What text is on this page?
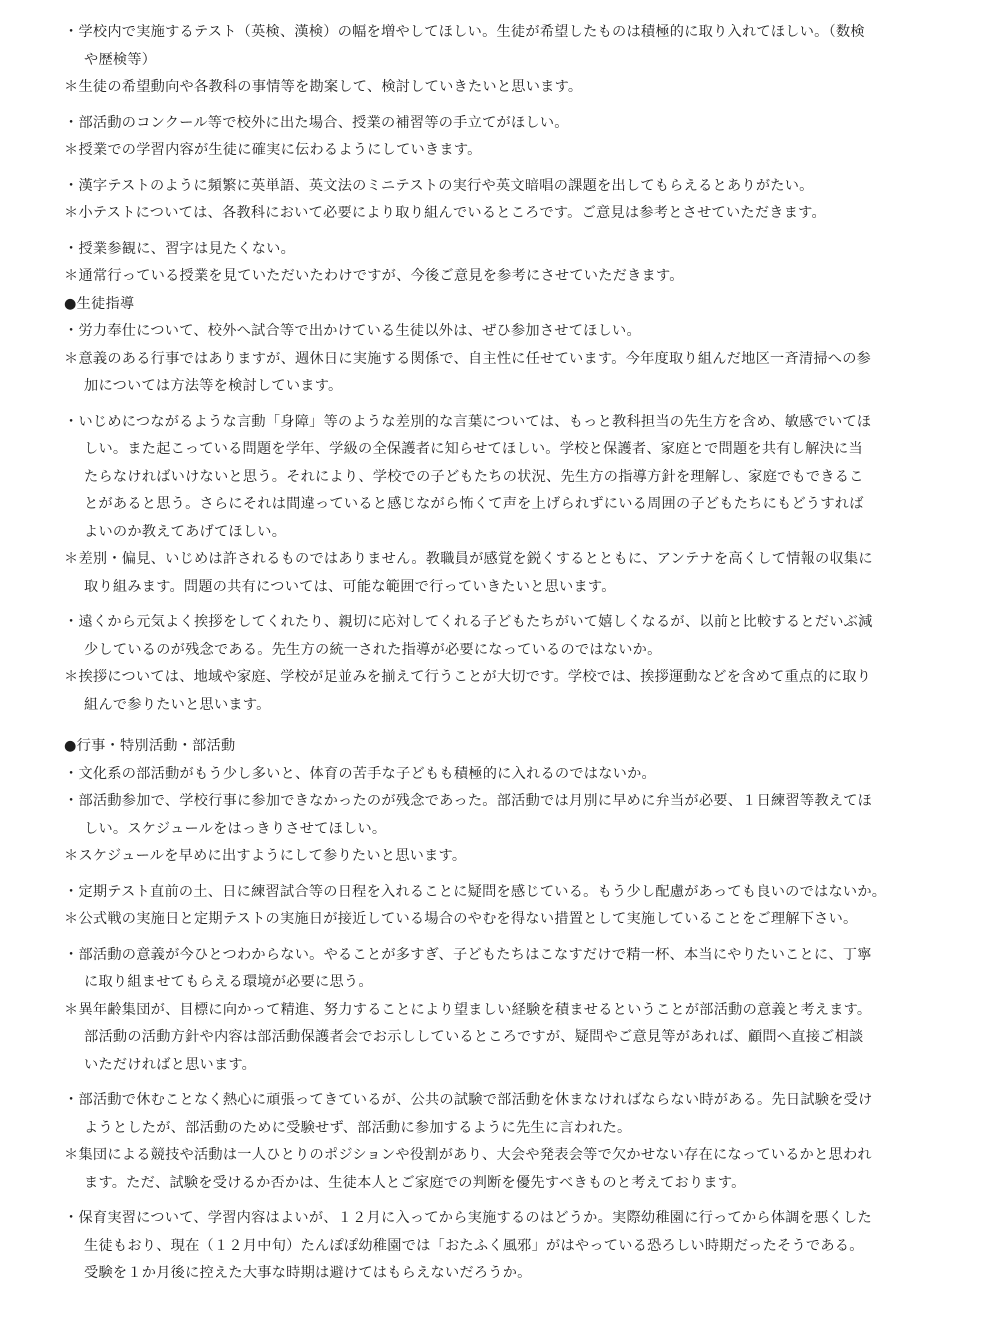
・学校内で実施するテスト（英検、漢検）の幅を増やしてほしい。生徒が希望したものは積極的に取り入れてほしい。（数検
や歴検等）
＊生徒の希望動向や各教科の事情等を勘案して、検討していきたいと思います。
・部活動のコンクール等で校外に出た場合、授業の補習等の手立てがほしい。
＊授業での学習内容が生徒に確実に伝わるようにしていきます。
・漢字テストのように頻繁に英単語、英文法のミニテストの実行や英文暗唱の課題を出してもらえるとありがたい。
＊小テストについては、各教科において必要により取り組んでいるところです。ご意見は参考とさせていただきます。
・授業参観に、習字は見たくない。
＊通常行っている授業を見ていただいたわけですが、今後ご意見を参考にさせていただきます。
●生徒指導
・労力奉仕について、校外へ試合等で出かけている生徒以外は、ぜひ参加させてほしい。
＊意義のある行事ではありますが、週休日に実施する関係で、自主性に任せています。今年度取り組んだ地区一斉清掃への参
加については方法等を検討しています。
・いじめにつながるような言動「身障」等のような差別的な言葉については、もっと教科担当の先生方を含め、敏感でいてほ
しい。また起こっている問題を学年、学級の全保護者に知らせてほしい。学校と保護者、家庭とで問題を共有し解決に当
たらなければいけないと思う。それにより、学校での子どもたちの状況、先生方の指導方針を理解し、家庭でもできるこ
とがあると思う。さらにそれは間違っていると感じながら怖くて声を上げられずにいる周囲の子どもたちにもどうすれば
よいのか教えてあげてほしい。
＊差別・偏見、いじめは許されるものではありません。教職員が感覚を鋭くするとともに、アンテナを高くして情報の収集に
取り組みます。問題の共有については、可能な範囲で行っていきたいと思います。
・遠くから元気よく挨拶をしてくれたり、親切に応対してくれる子どもたちがいて嬉しくなるが、以前と比較するとだいぶ減
少しているのが残念である。先生方の統一された指導が必要になっているのではないか。
＊挨拶については、地域や家庭、学校が足並みを揃えて行うことが大切です。学校では、挨拶運動などを含めて重点的に取り
組んで参りたいと思います。
●行事・特別活動・部活動
・文化系の部活動がもう少し多いと、体育の苦手な子どもも積極的に入れるのではないか。
・部活動参加で、学校行事に参加できなかったのが残念であった。部活動では月別に早めに弁当が必要、１日練習等教えてほ
しい。スケジュールをはっきりさせてほしい。
＊スケジュールを早めに出すようにして参りたいと思います。
・定期テスト直前の土、日に練習試合等の日程を入れることに疑問を感じている。もう少し配慮があっても良いのではないか。
＊公式戦の実施日と定期テストの実施日が接近している場合のやむを得ない措置として実施していることをご理解下さい。
・部活動の意義が今ひとつわからない。やることが多すぎ、子どもたちはこなすだけで精一杯、本当にやりたいことに、丁寧
に取り組ませてもらえる環境が必要に思う。
＊異年齢集団が、目標に向かって精進、努力することにより望ましい経験を積ませるということが部活動の意義と考えます。
部活動の活動方針や内容は部活動保護者会でお示ししているところですが、疑問やご意見等があれば、顧問へ直接ご相談
いただければと思います。
・部活動で休むことなく熱心に頑張ってきているが、公共の試験で部活動を休まなければならない時がある。先日試験を受け
ようとしたが、部活動のために受験せず、部活動に参加するように先生に言われた。
＊集団による競技や活動は一人ひとりのポジションや役割があり、大会や発表会等で欠かせない存在になっているかと思われ
ます。ただ、試験を受けるか否かは、生徒本人とご家庭での判断を優先すべきものと考えております。
・保育実習について、学習内容はよいが、１２月に入ってから実施するのはどうか。実際幼稚園に行ってから体調を悪くした
生徒もおり、現在（１２月中旬）たんぽぽ幼稚園では「おたふく風邪」がはやっている恐ろしい時期だったそうである。
受験を１か月後に控えた大事な時期は避けてはもらえないだろうか。
